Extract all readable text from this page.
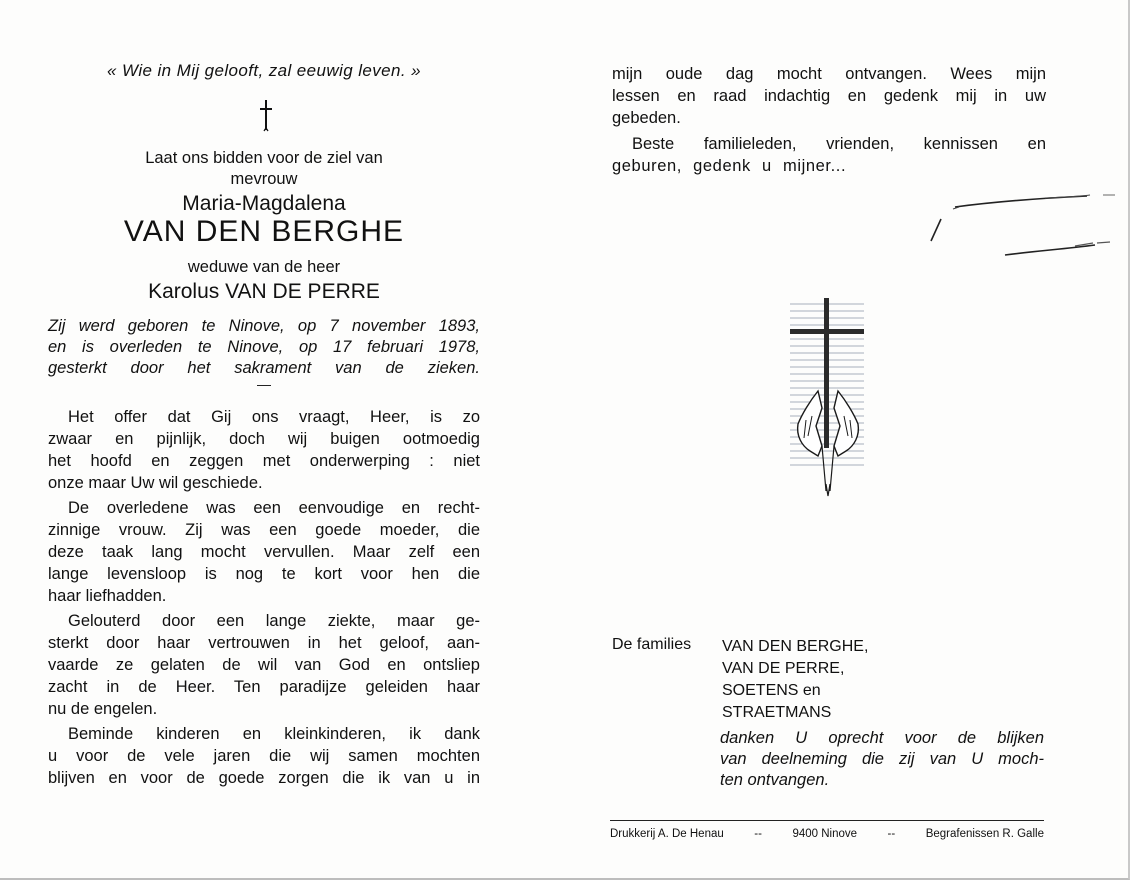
« Wie in Mij gelooft, zal eeuwig leven. »
Laat ons bidden voor de ziel van
mevrouw
Maria-Magdalena
VAN DEN BERGHE
weduwe van de heer
Karolus VAN DE PERRE
Zij werd geboren te Ninove, op 7 november 1893,
en is overleden te Ninove, op 17 februari 1978,
gesterkt door het sakrament van de zieken.
—
Het offer dat Gij ons vraagt, Heer, is zo
zwaar en pijnlijk, doch wij buigen ootmoedig
het hoofd en zeggen met onderwerping : niet
onze maar Uw wil geschiede.
De overledene was een eenvoudige en recht-
zinnige vrouw. Zij was een goede moeder, die
deze taak lang mocht vervullen. Maar zelf een
lange levensloop is nog te kort voor hen die
haar liefhadden.
Gelouterd door een lange ziekte, maar ge-
sterkt door haar vertrouwen in het geloof, aan-
vaarde ze gelaten de wil van God en ontsliep
zacht in de Heer. Ten paradijze geleiden haar
nu de engelen.
Beminde kinderen en kleinkinderen, ik dank
u voor de vele jaren die wij samen mochten
blijven en voor de goede zorgen die ik van u in
mijn oude dag mocht ontvangen. Wees mijn
lessen en raad indachtig en gedenk mij in uw
gebeden.
Beste familieleden, vrienden, kennissen en
geburen, gedenk u mijner...
De families VAN DEN BERGHE,
VAN DE PERRE,
SOETENS en
STRAETMANS
danken U oprecht voor de blijken
van deelneming die zij van U moch-
ten ontvangen.
Drukkerij A. De Henau	--	9400 Ninove	--	Begrafenissen R. Galle
